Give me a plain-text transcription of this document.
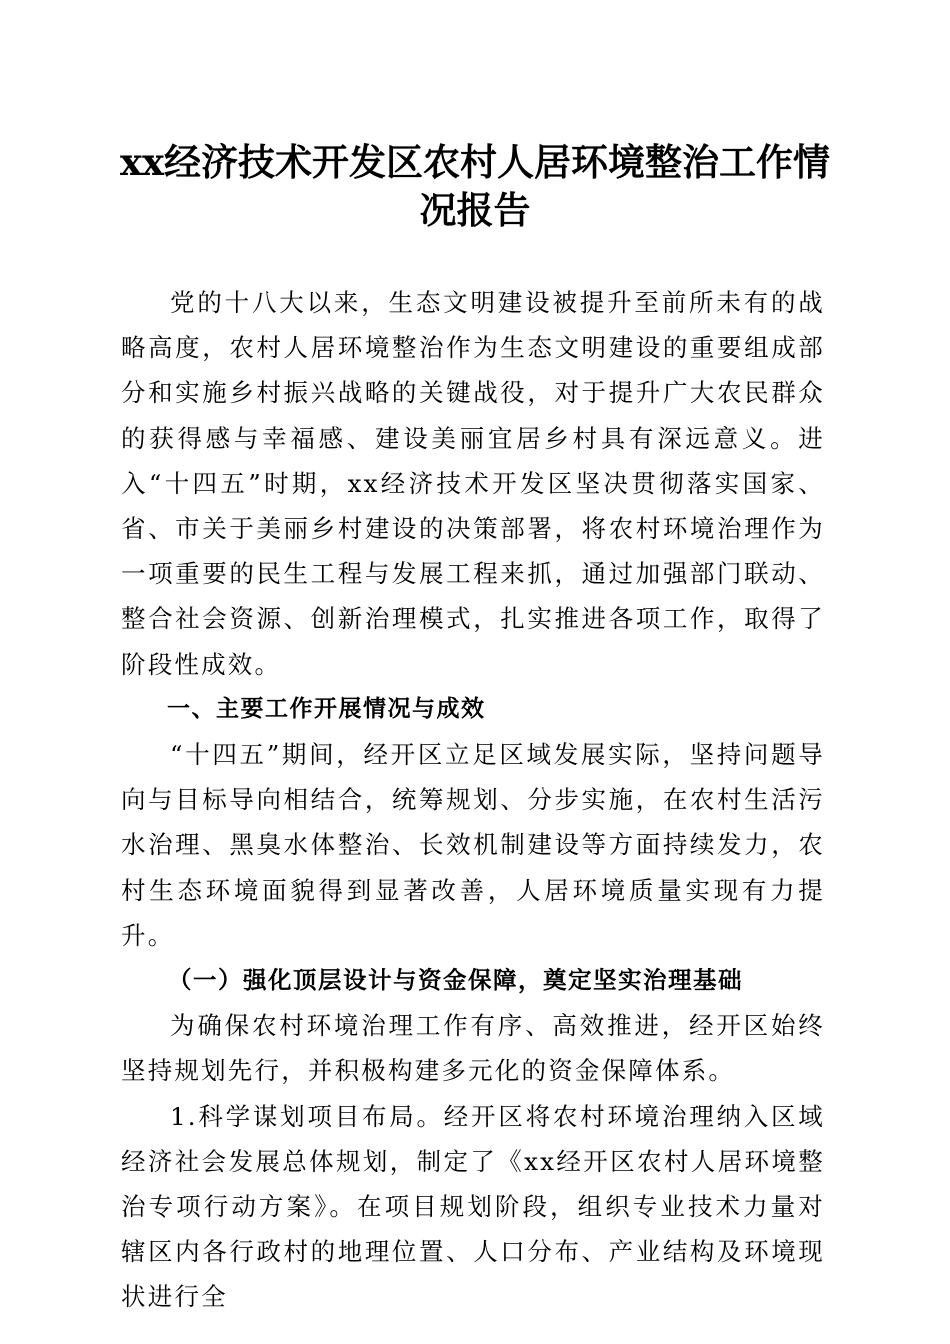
xx经济技术开发区农村人居环境整治工作情
况报告

党的十八大以来，生态文明建设被提升至前所未有的战略高度，农村人居环境整治作为生态文明建设的重要组成部分和实施乡村振兴战略的关键战役，对于提升广大农民群众的获得感与幸福感、建设美丽宜居乡村具有深远意义。进入“十四五”时期，xx经济技术开发区坚决贯彻落实国家、省、市关于美丽乡村建设的决策部署，将农村环境治理作为一项重要的民生工程与发展工程来抓，通过加强部门联动、整合社会资源、创新治理模式，扎实推进各项工作，取得了阶段性成效。

一、主要工作开展情况与成效

“十四五”期间，经开区立足区域发展实际，坚持问题导向与目标导向相结合，统筹规划、分步实施，在农村生活污水治理、黑臭水体整治、长效机制建设等方面持续发力，农村生态环境面貌得到显著改善，人居环境质量实现有力提升。

（一）强化顶层设计与资金保障，奠定坚实治理基础

为确保农村环境治理工作有序、高效推进，经开区始终坚持规划先行，并积极构建多元化的资金保障体系。

1.科学谋划项目布局。经开区将农村环境治理纳入区域经济社会发展总体规划，制定了《xx经开区农村人居环境整治专项行动方案》。在项目规划阶段，组织专业技术力量对辖区内各行政村的地理位置、人口分布、产业结构及环境现状进行全
